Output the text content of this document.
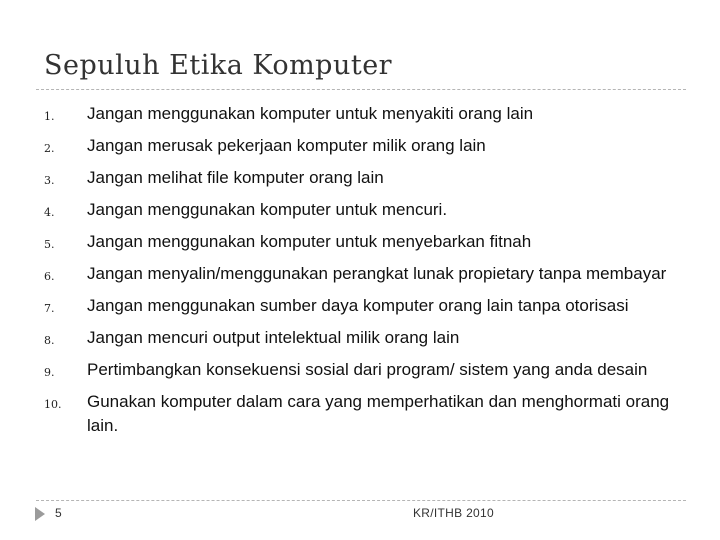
Sepuluh Etika Komputer
1.	Jangan menggunakan komputer untuk menyakiti orang lain
2.	Jangan merusak pekerjaan komputer milik orang lain
3.	Jangan melihat file komputer orang lain
4.	Jangan menggunakan komputer untuk mencuri.
5.	Jangan menggunakan komputer untuk menyebarkan fitnah
6.	Jangan menyalin/menggunakan perangkat lunak propietary tanpa membayar
7.	Jangan menggunakan sumber daya komputer orang lain tanpa otorisasi
8.	Jangan mencuri output intelektual milik orang lain
9.	Pertimbangkan konsekuensi sosial dari program/ sistem yang anda desain
10.	Gunakan komputer dalam cara yang memperhatikan dan menghormati orang lain.
5	KR/ITHB 2010
